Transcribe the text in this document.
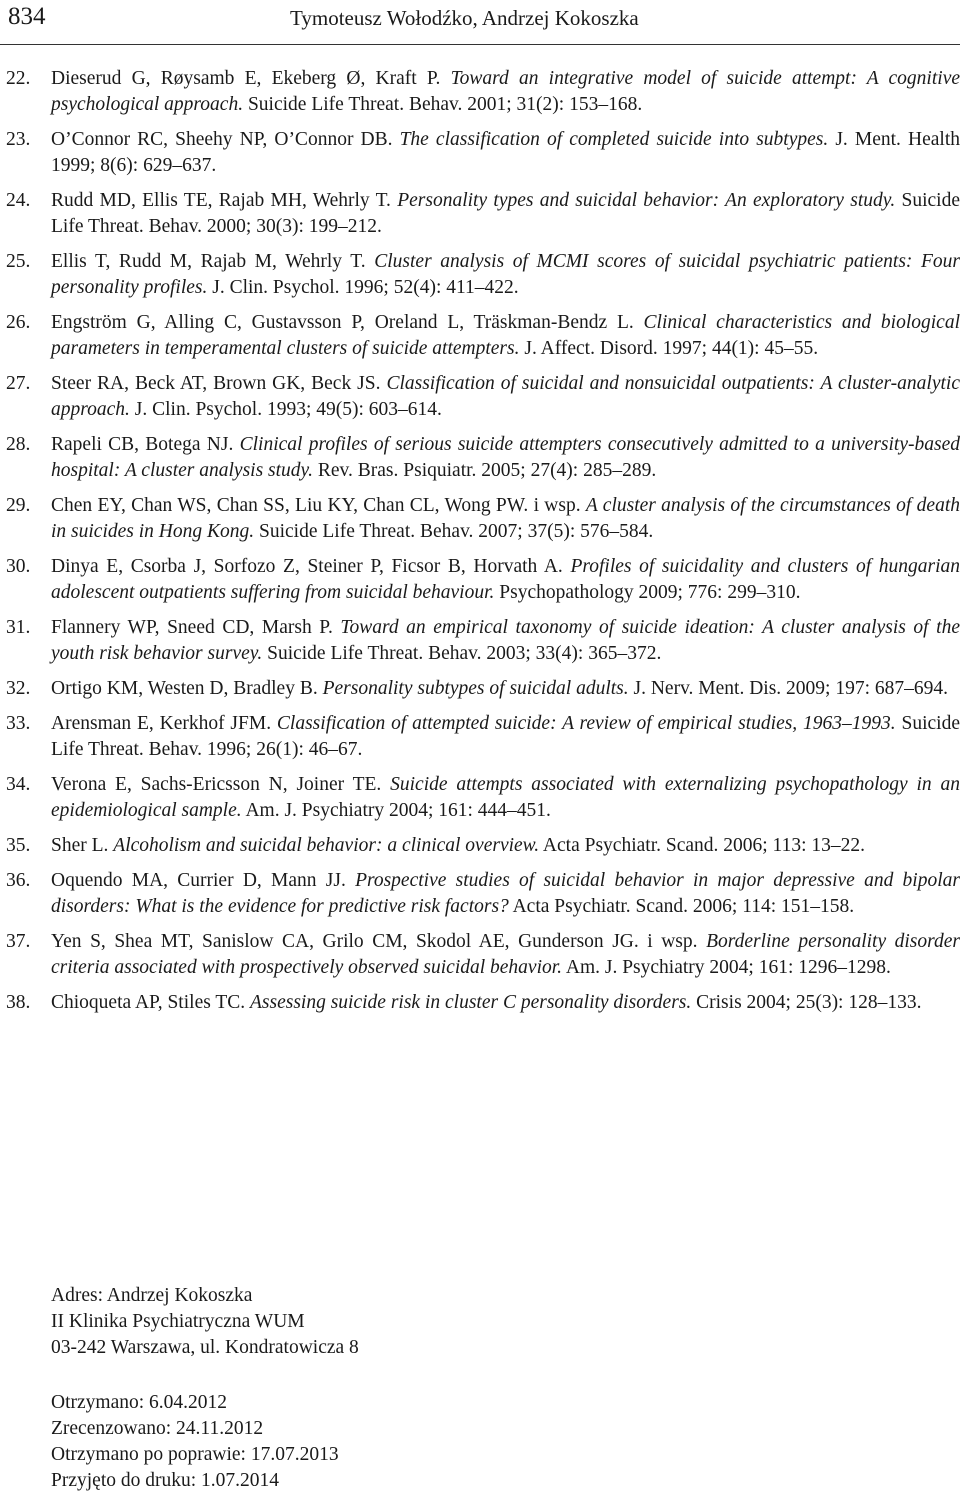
834	Tymoteusz Wołodźko, Andrzej Kokoszka
22. Dieserud G, Røysamb E, Ekeberg Ø, Kraft P. Toward an integrative model of suicide attempt: A cognitive psychological approach. Suicide Life Threat. Behav. 2001; 31(2): 153–168.
23. O’Connor RC, Sheehy NP, O’Connor DB. The classification of completed suicide into subtypes. J. Ment. Health 1999; 8(6): 629–637.
24. Rudd MD, Ellis TE, Rajab MH, Wehrly T. Personality types and suicidal behavior: An exploratory study. Suicide Life Threat. Behav. 2000; 30(3): 199–212.
25. Ellis T, Rudd M, Rajab M, Wehrly T. Cluster analysis of MCMI scores of suicidal psychiatric patients: Four personality profiles. J. Clin. Psychol. 1996; 52(4): 411–422.
26. Engström G, Alling C, Gustavsson P, Oreland L, Träskman-Bendz L. Clinical characteristics and biological parameters in temperamental clusters of suicide attempters. J. Affect. Disord. 1997; 44(1): 45–55.
27. Steer RA, Beck AT, Brown GK, Beck JS. Classification of suicidal and nonsuicidal outpatients: A cluster-analytic approach. J. Clin. Psychol. 1993; 49(5): 603–614.
28. Rapeli CB, Botega NJ. Clinical profiles of serious suicide attempters consecutively admitted to a university-based hospital: A cluster analysis study. Rev. Bras. Psiquiatr. 2005; 27(4): 285–289.
29. Chen EY, Chan WS, Chan SS, Liu KY, Chan CL, Wong PW. i wsp. A cluster analysis of the circumstances of death in suicides in Hong Kong. Suicide Life Threat. Behav. 2007; 37(5): 576–584.
30. Dinya E, Csorba J, Sorfozo Z, Steiner P, Ficsor B, Horvath A. Profiles of suicidality and clusters of hungarian adolescent outpatients suffering from suicidal behaviour. Psychopathology 2009; 776: 299–310.
31. Flannery WP, Sneed CD, Marsh P. Toward an empirical taxonomy of suicide ideation: A cluster analysis of the youth risk behavior survey. Suicide Life Threat. Behav. 2003; 33(4): 365–372.
32. Ortigo KM, Westen D, Bradley B. Personality subtypes of suicidal adults. J. Nerv. Ment. Dis. 2009; 197: 687–694.
33. Arensman E, Kerkhof JFM. Classification of attempted suicide: A review of empirical studies, 1963–1993. Suicide Life Threat. Behav. 1996; 26(1): 46–67.
34. Verona E, Sachs-Ericsson N, Joiner TE. Suicide attempts associated with externalizing psychopathology in an epidemiological sample. Am. J. Psychiatry 2004; 161: 444–451.
35. Sher L. Alcoholism and suicidal behavior: a clinical overview. Acta Psychiatr. Scand. 2006; 113: 13–22.
36. Oquendo MA, Currier D, Mann JJ. Prospective studies of suicidal behavior in major depressive and bipolar disorders: What is the evidence for predictive risk factors? Acta Psychiatr. Scand. 2006; 114: 151–158.
37. Yen S, Shea MT, Sanislow CA, Grilo CM, Skodol AE, Gunderson JG. i wsp. Borderline personality disorder criteria associated with prospectively observed suicidal behavior. Am. J. Psychiatry 2004; 161: 1296–1298.
38. Chioqueta AP, Stiles TC. Assessing suicide risk in cluster C personality disorders. Crisis 2004; 25(3): 128–133.
Adres: Andrzej Kokoszka
II Klinika Psychiatryczna WUM
03-242 Warszawa, ul. Kondratowicza 8
Otrzymano: 6.04.2012
Zrecenzowano: 24.11.2012
Otrzymano po poprawie: 17.07.2013
Przyjęto do druku: 1.07.2014
